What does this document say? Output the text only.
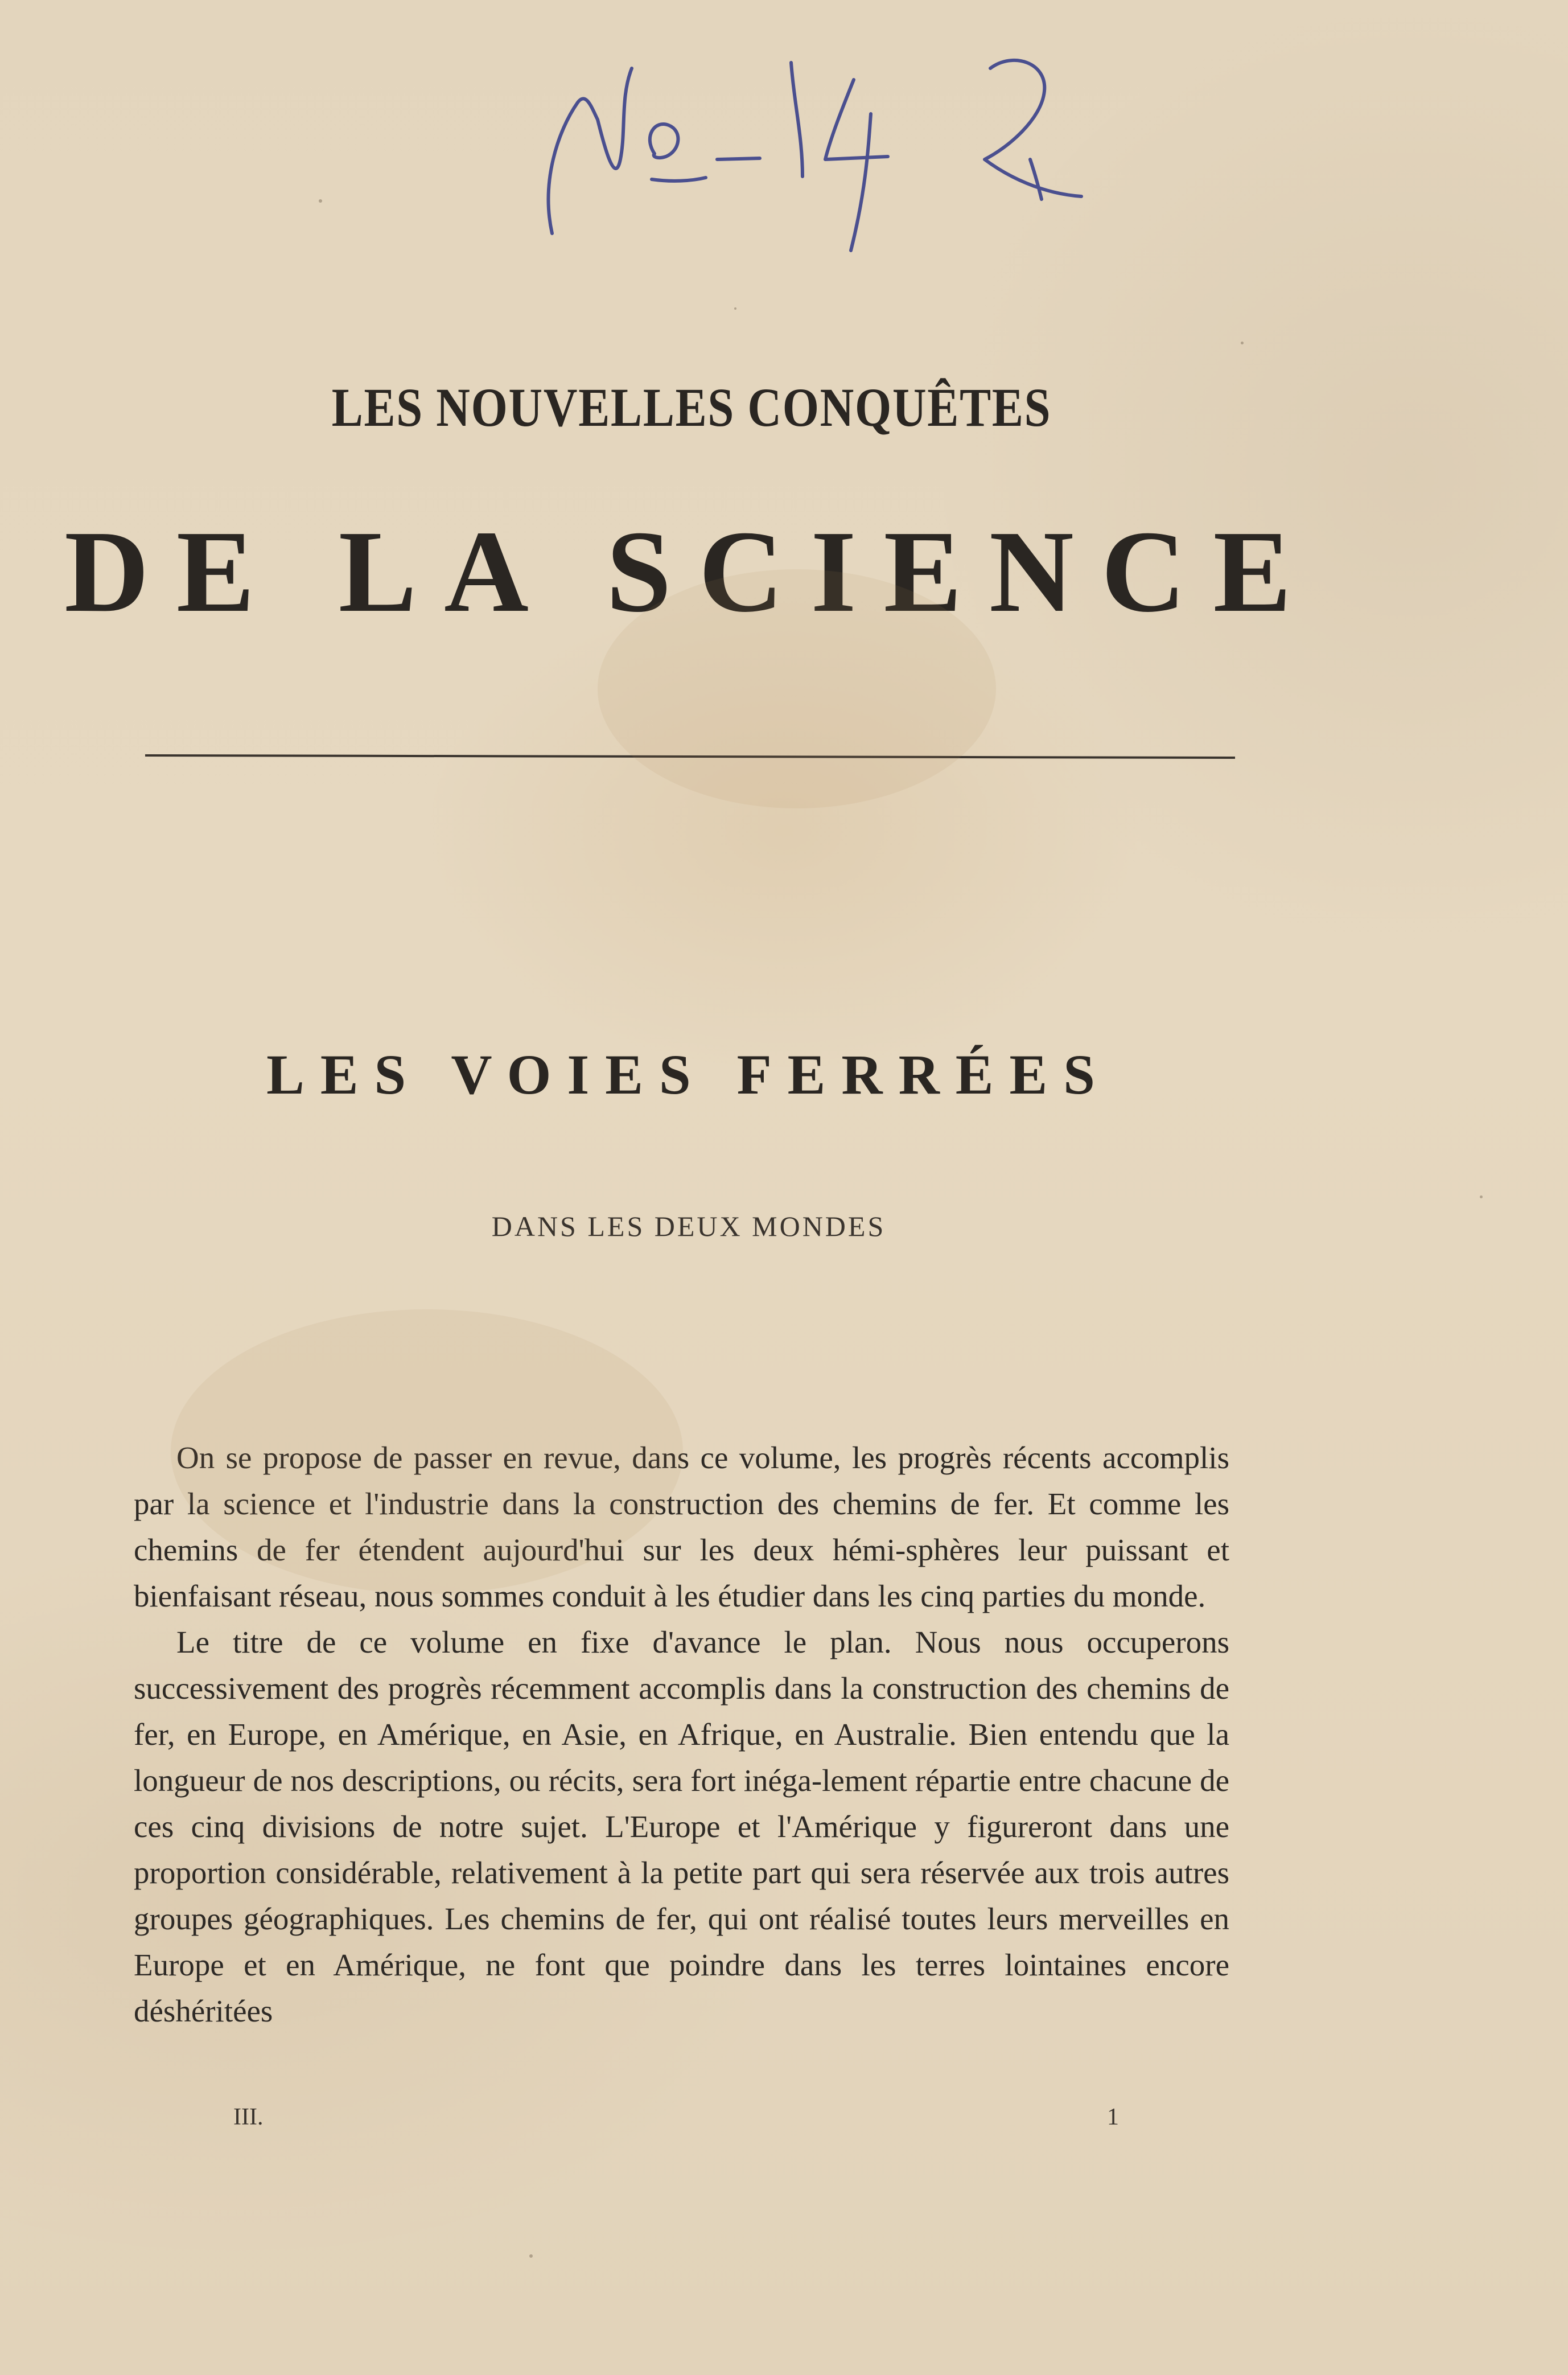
LES NOUVELLES CONQUÊTES
DE LA SCIENCE
LES VOIES FERRÉES
DANS LES DEUX MONDES

On se propose de passer en revue, dans ce volume, les progrès récents accomplis par la science et l'industrie dans la construction des chemins de fer. Et comme les chemins de fer étendent aujourd'hui sur les deux hémi-sphères leur puissant et bienfaisant réseau, nous sommes conduit à les étudier dans les cinq parties du monde.

Le titre de ce volume en fixe d'avance le plan. Nous nous occuperons successivement des progrès récemment accomplis dans la construction des chemins de fer, en Europe, en Amérique, en Asie, en Afrique, en Australie. Bien entendu que la longueur de nos descriptions, ou récits, sera fort inéga-lement répartie entre chacune de ces cinq divisions de notre sujet. L'Europe et l'Amérique y figureront dans une proportion considérable, relativement à la petite part qui sera réservée aux trois autres groupes géographiques. Les chemins de fer, qui ont réalisé toutes leurs merveilles en Europe et en Amérique, ne font que poindre dans les terres lointaines encore déshéritées

III.	1
